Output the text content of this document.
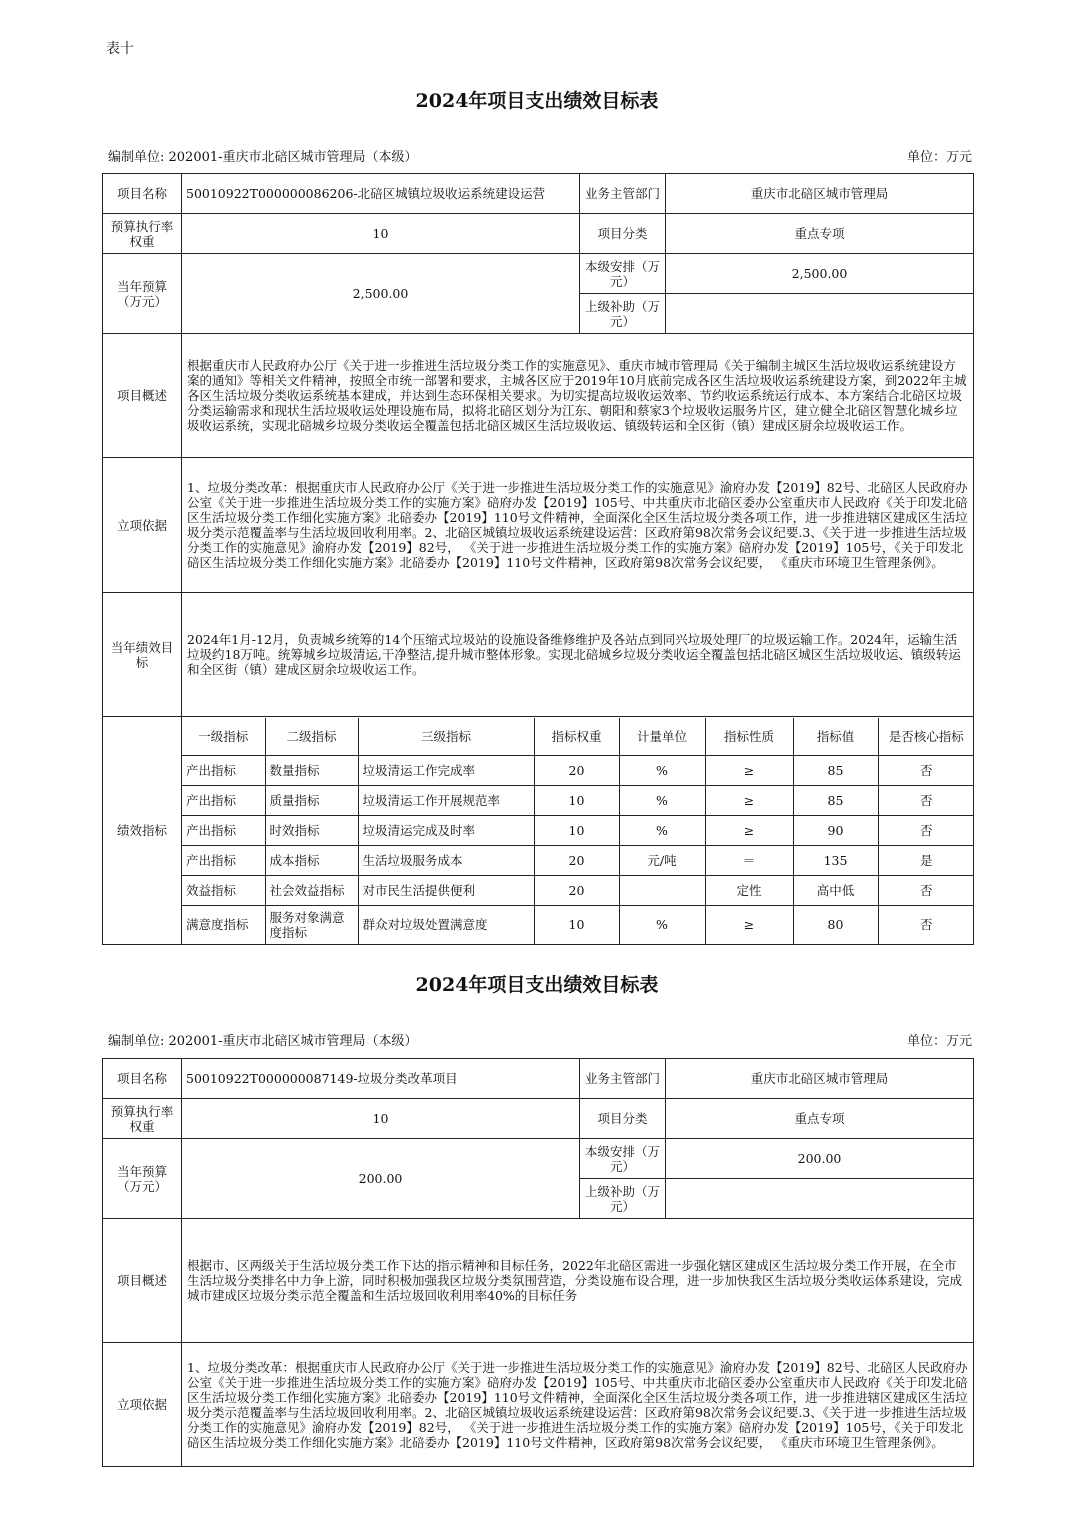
表十
2024年项目支出绩效目标表
编制单位: 202001-重庆市北碚区城市管理局（本级）	单位：万元
项目名称	50010922T000000086206-北碚区城镇垃圾收运系统建设运营	业务主管部门	重庆市北碚区城市管理局
预算执行率权重	10	项目分类	重点专项
当年预算（万元）	2,500.00	本级安排（万元）	2,500.00
上级补助（万元）	
项目概述	根据重庆市人民政府办公厅《关于进一步推进生活垃圾分类工作的实施意见》、重庆市城市管理局《关于编制主城区生活垃圾收运系统建设方案的通知》等相关文件精神，按照全市统一部署和要求，主城各区应于2019年10月底前完成各区生活垃圾收运系统建设方案，到2022年主城各区生活垃圾分类收运系统基本建成，并达到生态环保相关要求。为切实提高垃圾收运效率、节约收运系统运行成本、本方案结合北碚区垃圾分类运输需求和现状生活垃圾收运处理设施布局，拟将北碚区划分为江东、朝阳和蔡家3个垃圾收运服务片区，建立健全北碚区智慧化城乡垃圾收运系统，实现北碚城乡垃圾分类收运全覆盖包括北碚区城区生活垃圾收运、镇级转运和全区街（镇）建成区厨余垃圾收运工作。
立项依据	1、垃圾分类改革：根据重庆市人民政府办公厅《关于进一步推进生活垃圾分类工作的实施意见》渝府办发【2019】82号、北碚区人民政府办公室《关于进一步推进生活垃圾分类工作的实施方案》碚府办发【2019】105号、中共重庆市北碚区委办公室重庆市人民政府《关于印发北碚区生活垃圾分类工作细化实施方案》北碚委办【2019】110号文件精神，全面深化全区生活垃圾分类各项工作，进一步推进辖区建成区生活垃圾分类示范覆盖率与生活垃圾回收利用率。2、北碚区城镇垃圾收运系统建设运营：区政府第98次常务会议纪要.3、《关于进一步推进生活垃圾分类工作的实施意见》渝府办发【2019】82号， 《关于进一步推进生活垃圾分类工作的实施方案》碚府办发【2019】105号，《关于印发北碚区生活垃圾分类工作细化实施方案》北碚委办【2019】110号文件精神，区政府第98次常务会议纪要， 《重庆市环境卫生管理条例》。
当年绩效目标	2024年1月-12月，负责城乡统筹的14个压缩式垃圾站的设施设备维修维护及各站点到同兴垃圾处理厂的垃圾运输工作。2024年，运输生活垃圾约18万吨。统筹城乡垃圾清运,干净整洁,提升城市整体形象。实现北碚城乡垃圾分类收运全覆盖包括北碚区城区生活垃圾收运、镇级转运和全区街（镇）建成区厨余垃圾收运工作。
绩效指标	
一级指标	二级指标	三级指标	指标权重	计量单位	指标性质	指标值	是否核心指标
产出指标	数量指标	垃圾清运工作完成率	20	%	≥	85	否
产出指标	质量指标	垃圾清运工作开展规范率	10	%	≥	85	否
产出指标	时效指标	垃圾清运完成及时率	10	%	≥	90	否
产出指标	成本指标	生活垃圾服务成本	20	元/吨	＝	135	是
效益指标	社会效益指标	对市民生活提供便利	20		定性	高中低	否
满意度指标	服务对象满意度指标	群众对垃圾处置满意度	10	%	≥	80	否
2024年项目支出绩效目标表
编制单位: 202001-重庆市北碚区城市管理局（本级）	单位：万元
项目名称	50010922T000000087149-垃圾分类改革项目	业务主管部门	重庆市北碚区城市管理局
预算执行率权重	10	项目分类	重点专项
当年预算（万元）	200.00	本级安排（万元）	200.00
		上级补助（万元）	
项目概述	根据市、区两级关于生活垃圾分类工作下达的指示精神和目标任务，2022年北碚区需进一步强化辖区建成区生活垃圾分类工作开展，在全市生活垃圾分类排名中力争上游，同时积极加强我区垃圾分类氛围营造，分类设施布设合理，进一步加快我区生活垃圾分类收运体系建设，完成城市建成区垃圾分类示范全覆盖和生活垃圾回收利用率40%的目标任务		
立项依据	1、垃圾分类改革：根据重庆市人民政府办公厅《关于进一步推进生活垃圾分类工作的实施意见》渝府办发【2019】82号、北碚区人民政府办公室《关于进一步推进生活垃圾分类工作的实施方案》碚府办发【2019】105号、中共重庆市北碚区委办公室重庆市人民政府《关于印发北碚区生活垃圾分类工作细化实施方案》北碚委办【2019】110号文件精神，全面深化全区生活垃圾分类各项工作，进一步推进辖区建成区生活垃圾分类示范覆盖率与生活垃圾回收利用率。2、北碚区城镇垃圾收运系统建设运营：区政府第98次常务会议纪要.3、《关于进一步推进生活垃圾分类工作的实施意见》渝府办发【2019】82号， 《关于进一步推进生活垃圾分类工作的实施方案》碚府办发【2019】105号，《关于印发北碚区生活垃圾分类工作细化实施方案》北碚委办【2019】110号文件精神，区政府第98次常务会议纪要， 《重庆市环境卫生管理条例》。		
